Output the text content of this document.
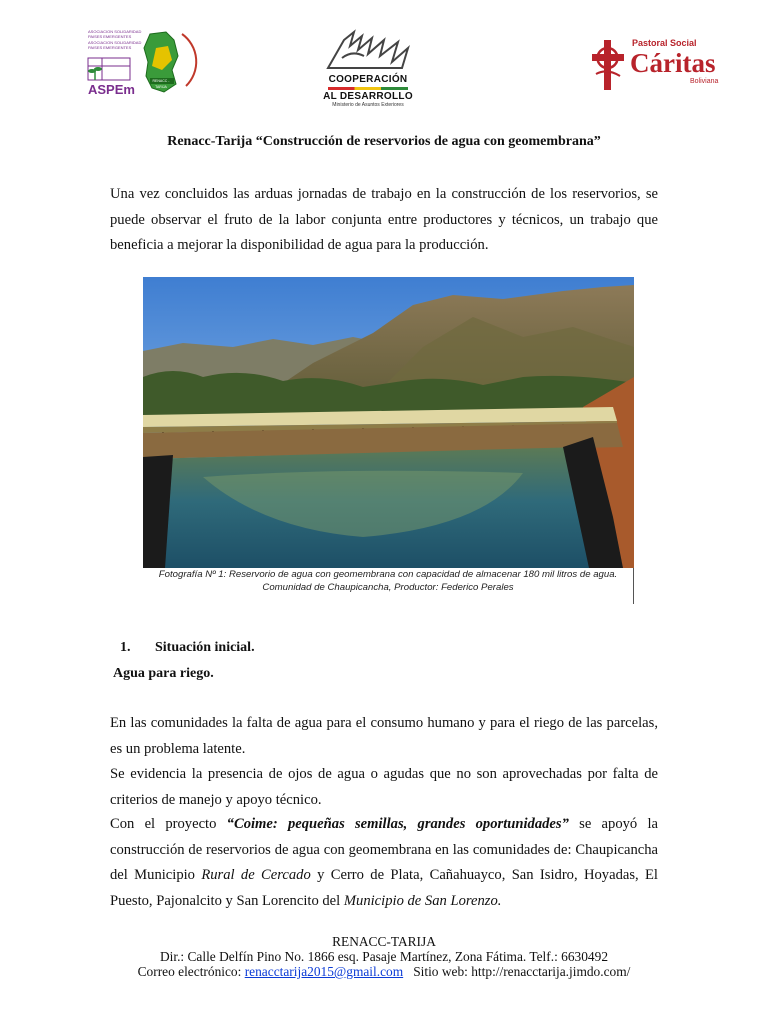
ASOCIACION SOLIDARIDAD
PAISES EMERGENTES
ASOCIACION SOLIDARIDAD
PAISES EMERGENTES
ASPEm
RENACC - TARIJA
COOPERACIÓN
AL DESARROLLO
Ministerio de Asuntos Exteriores
Pastoral Social
Cáritas
Boliviana
Renacc-Tarija “Construcción de reservorios de agua con geomembrana”
Una vez concluidos las arduas jornadas de trabajo en la construcción de los reservorios, se puede observar el fruto de la labor conjunta entre productores y técnicos, un trabajo que beneficia a mejorar la disponibilidad de agua para la producción.
Fotografía Nº 1: Reservorio de agua con geomembrana con capacidad de almacenar 180 mil litros de agua. Comunidad de Chaupicancha, Productor: Federico Perales
1. Situación inicial.
Agua para riego.
En las comunidades la falta de agua para el consumo humano y para el riego de las parcelas, es un problema latente.
Se evidencia la presencia de ojos de agua o agudas que no son aprovechadas por falta de criterios de manejo y apoyo técnico.
Con el proyecto “Coime: pequeñas semillas, grandes oportunidades” se apoyó la construcción de reservorios de agua con geomembrana en las comunidades de: Chaupicancha del Municipio Rural de Cercado y Cerro de Plata, Cañahuayco, San Isidro, Hoyadas, El Puesto, Pajonalcito y San Lorencito del Municipio de San Lorenzo.
RENACC-TARIJA
Dir.: Calle Delfín Pino No. 1866 esq. Pasaje Martínez, Zona Fátima. Telf.: 6630492
Correo electrónico: renacctarija2015@gmail.com Sitio web: http://renacctarija.jimdo.com/
